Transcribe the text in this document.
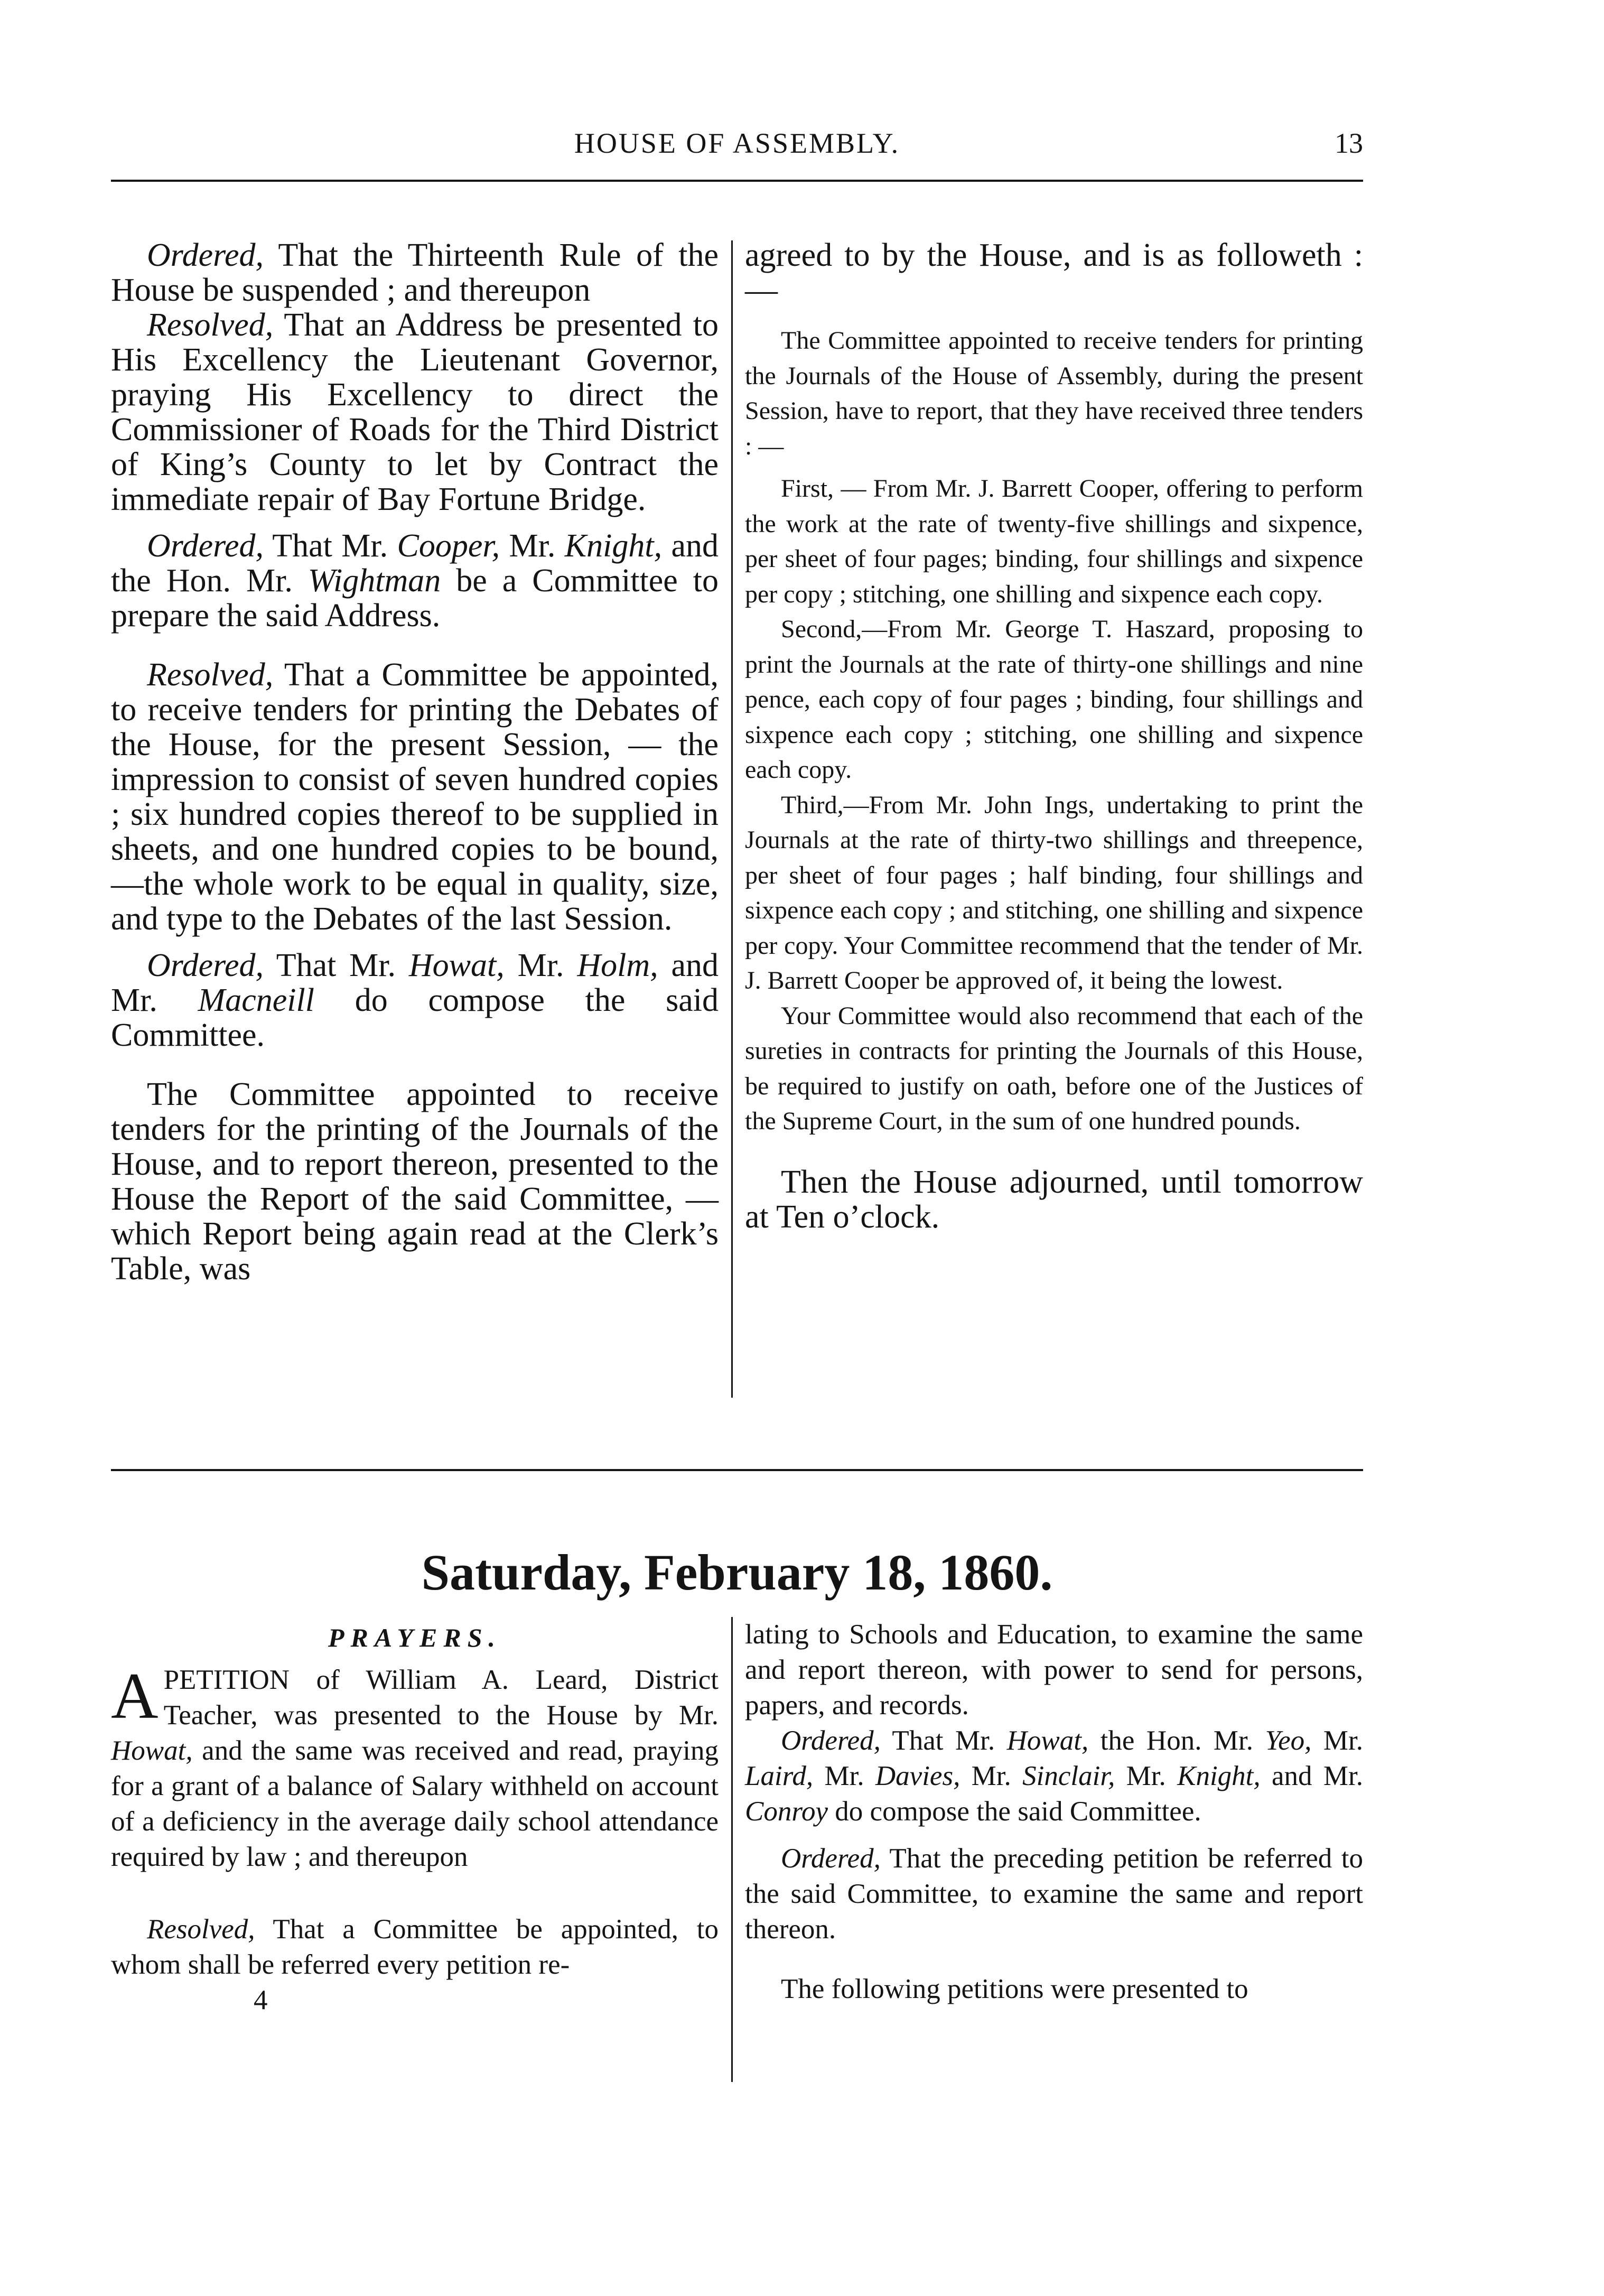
HOUSE OF ASSEMBLY.	13

Ordered, That the Thirteenth Rule of the House be suspended ; and thereupon

Resolved, That an Address be presented to His Excellency the Lieutenant Governor, praying His Excellency to direct the Commissioner of Roads for the Third District of King’s County to let by Contract the immediate repair of Bay Fortune Bridge.

Ordered, That Mr. Cooper, Mr. Knight, and the Hon. Mr. Wightman be a Committee to prepare the said Address.

Resolved, That a Committee be appointed, to receive tenders for printing the Debates of the House, for the present Session, — the impression to consist of seven hundred copies ; six hundred copies thereof to be supplied in sheets, and one hundred copies to be bound,—the whole work to be equal in quality, size, and type to the Debates of the last Session.

Ordered, That Mr. Howat, Mr. Holm, and Mr. Macneill do compose the said Committee.

The Committee appointed to receive tenders for the printing of the Journals of the House, and to report thereon, presented to the House the Report of the said Committee, — which Report being again read at the Clerk’s Table, was

agreed to by the House, and is as followeth : —

The Committee appointed to receive tenders for printing the Journals of the House of Assembly, during the present Session, have to report, that they have received three tenders : —

First, — From Mr. J. Barrett Cooper, offering to perform the work at the rate of twenty-five shillings and sixpence, per sheet of four pages; binding, four shillings and sixpence per copy ; stitching, one shilling and sixpence each copy.

Second,—From Mr. George T. Haszard, proposing to print the Journals at the rate of thirty-one shillings and nine pence, each copy of four pages ; binding, four shillings and sixpence each copy ; stitching, one shilling and sixpence each copy.

Third,—From Mr. John Ings, undertaking to print the Journals at the rate of thirty-two shillings and threepence, per sheet of four pages ; half binding, four shillings and sixpence each copy ; and stitching, one shilling and sixpence per copy. Your Committee recommend that the tender of Mr. J. Barrett Cooper be approved of, it being the lowest.

Your Committee would also recommend that each of the sureties in contracts for printing the Journals of this House, be required to justify on oath, before one of the Justices of the Supreme Court, in the sum of one hundred pounds.

Then the House adjourned, until tomorrow at Ten o’clock.

Saturday, February 18, 1860.

PRAYERS.

APETITION of William A. Leard, District Teacher, was presented to the House by Mr. Howat, and the same was received and read, praying for a grant of a balance of Salary withheld on account of a deficiency in the average daily school attendance required by law ; and thereupon

Resolved, That a Committee be appointed, to whom shall be referred every petition re-

4

lating to Schools and Education, to examine the same and report thereon, with power to send for persons, papers, and records.

Ordered, That Mr. Howat, the Hon. Mr. Yeo, Mr. Laird, Mr. Davies, Mr. Sinclair, Mr. Knight, and Mr. Conroy do compose the said Committee.

Ordered, That the preceding petition be referred to the said Committee, to examine the same and report thereon.

The following petitions were presented to
